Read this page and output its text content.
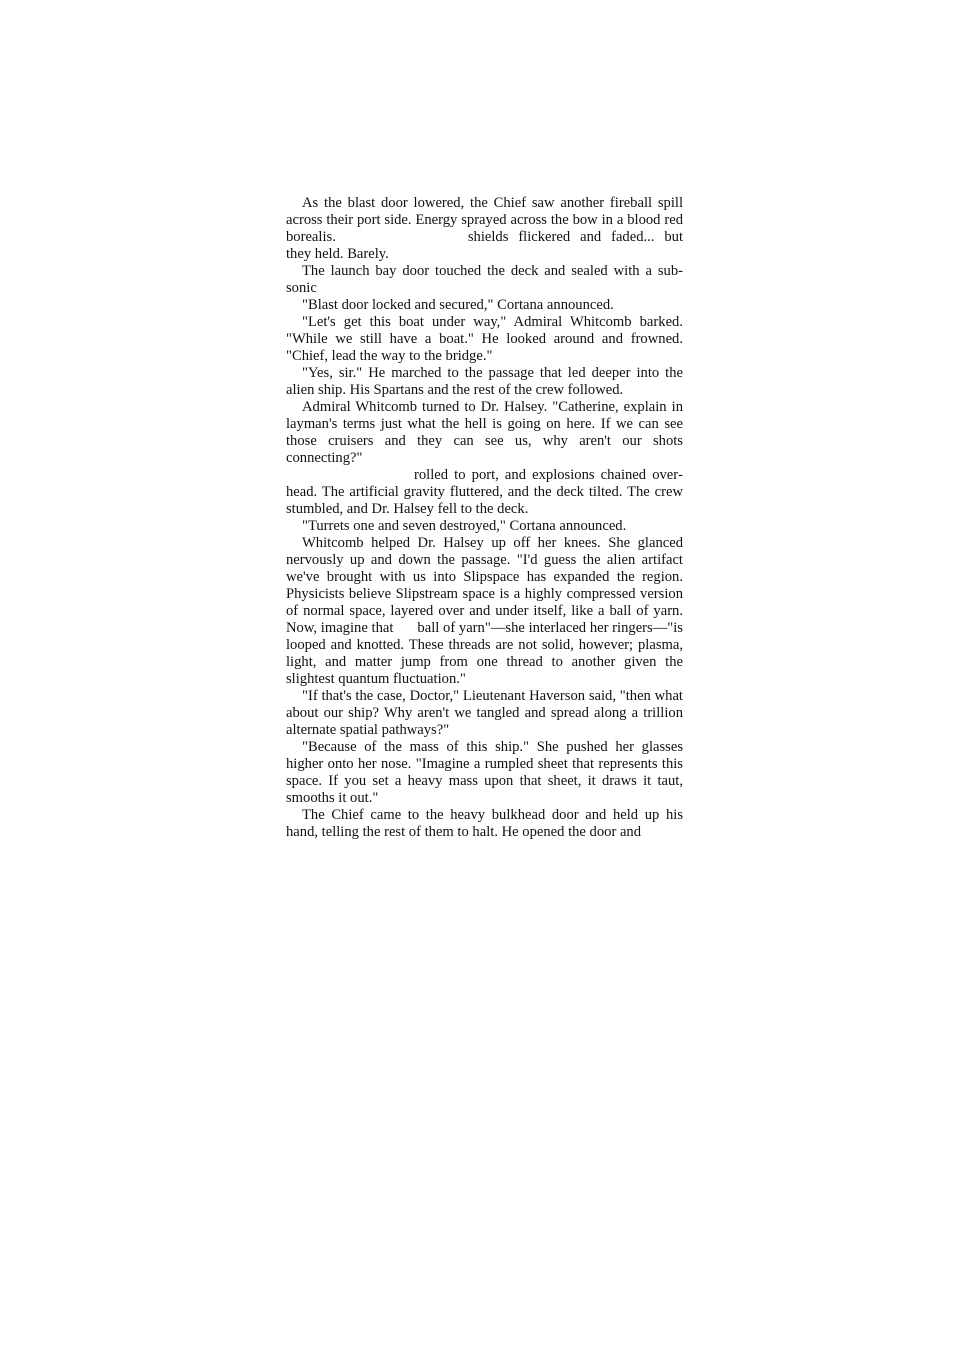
As the blast door lowered, the Chief saw another fireball spill across their port side. Energy sprayed across the bow in a blood red borealis.	shields flickered and faded... but they held. Barely.

The launch bay door touched the deck and sealed with a subsonic

"Blast door locked and secured," Cortana announced.

"Let's get this boat under way," Admiral Whitcomb barked. "While we still have a boat." He looked around and frowned. "Chief, lead the way to the bridge."

"Yes, sir." He marched to the passage that led deeper into the alien ship. His Spartans and the rest of the crew followed.

Admiral Whitcomb turned to Dr. Halsey. "Catherine, explain in layman's terms just what the hell is going on here. If we can see those cruisers and they can see us, why aren't our shots connecting?"

rolled to port, and explosions chained overhead. The artificial gravity fluttered, and the deck tilted. The crew stumbled, and Dr. Halsey fell to the deck.

"Turrets one and seven destroyed," Cortana announced.

Whitcomb helped Dr. Halsey up off her knees. She glanced nervously up and down the passage. "I'd guess the alien artifact we've brought with us into Slipspace has expanded the region. Physicists believe Slipstream space is a highly compressed version of normal space, layered over and under itself, like a ball of yarn. Now, imagine that ball of yarn"—she interlaced her ringers—"is looped and knotted. These threads are not solid, however; plasma, light, and matter jump from one thread to another given the slightest quantum fluctuation."

"If that's the case, Doctor," Lieutenant Haverson said, "then what about our ship? Why aren't we tangled and spread along a trillion alternate spatial pathways?"

"Because of the mass of this ship." She pushed her glasses higher onto her nose. "Imagine a rumpled sheet that represents this space. If you set a heavy mass upon that sheet, it draws it taut, smooths it out."

The Chief came to the heavy bulkhead door and held up his hand, telling the rest of them to halt. He opened the door and
